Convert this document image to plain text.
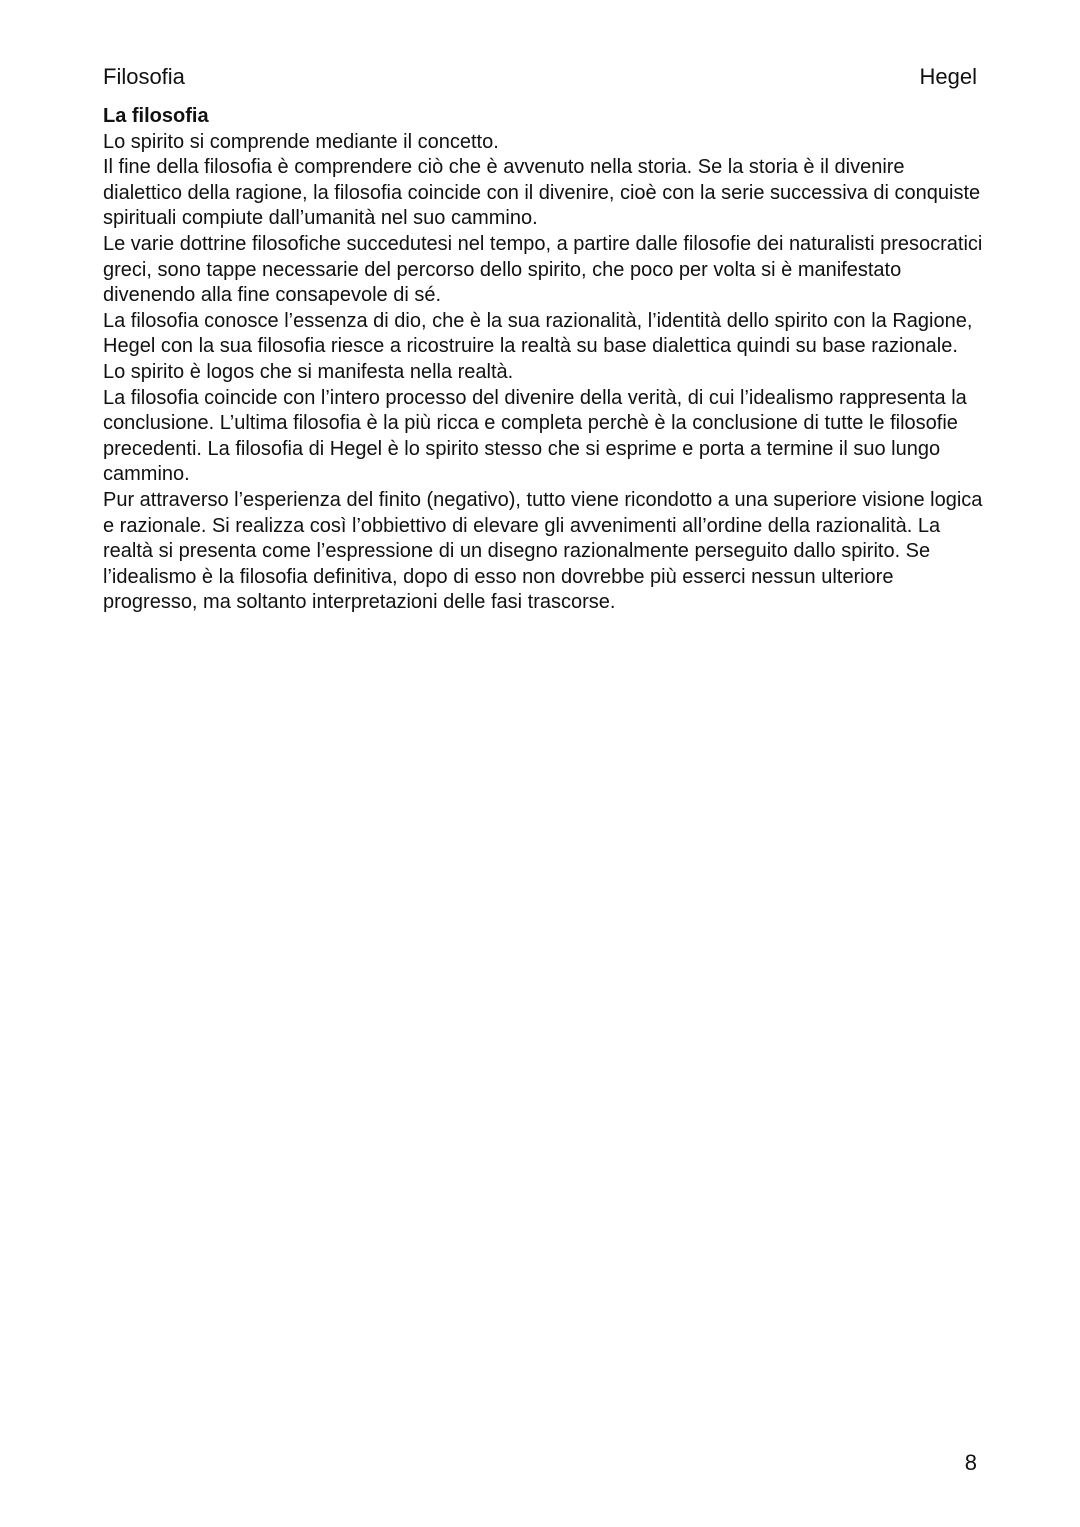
Filosofia	Hegel

La filosofia

Lo spirito si comprende mediante il concetto.

Il fine della filosofia è comprendere ciò che è avvenuto nella storia. Se la storia è il divenire dialettico della ragione, la filosofia coincide con il divenire, cioè con la serie successiva di conquiste spirituali compiute dall’umanità nel suo cammino.

Le varie dottrine filosofiche succedutesi nel tempo, a partire dalle filosofie dei naturalisti presocratici greci, sono tappe necessarie del percorso dello spirito, che poco per volta si è manifestato divenendo alla fine consapevole di sé.

La filosofia conosce l’essenza di dio, che è la sua razionalità, l’identità dello spirito con la Ragione, Hegel con la sua filosofia riesce a ricostruire la realtà su base dialettica quindi su base razionale. Lo spirito è logos che si manifesta nella realtà.

La filosofia coincide con l’intero processo del divenire della verità, di cui l’idealismo rappresenta la conclusione. L’ultima filosofia è la più ricca e completa perchè è la conclusione di tutte le filosofie precedenti. La filosofia di Hegel è lo spirito stesso che si esprime e porta a termine il suo lungo cammino.

Pur attraverso l’esperienza del finito (negativo), tutto viene ricondotto a una superiore visione logica e razionale. Si realizza così l’obbiettivo di elevare gli avvenimenti all’ordine della razionalità. La realtà si presenta come l’espressione di un disegno razionalmente perseguito dallo spirito. Se l’idealismo è la filosofia definitiva, dopo di esso non dovrebbe più esserci nessun ulteriore progresso, ma soltanto interpretazioni delle fasi trascorse.

8
